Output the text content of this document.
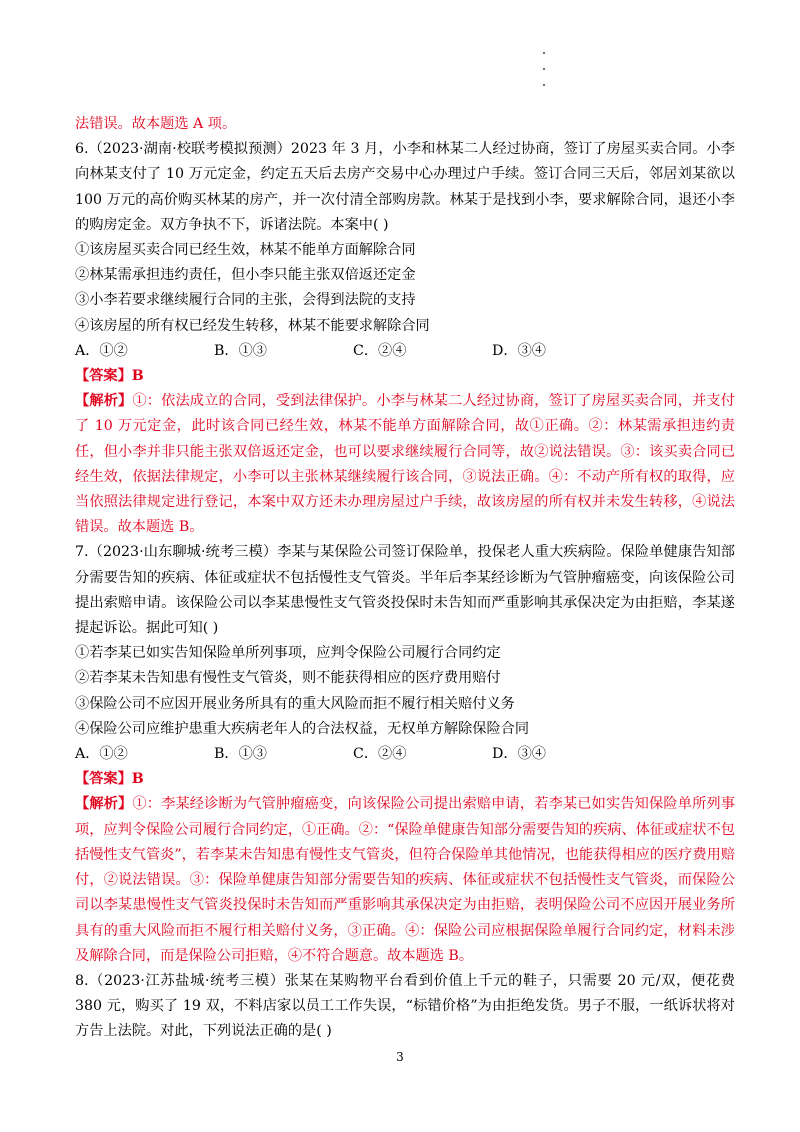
法错误。故本题选 A 项。

6.（2023·湖南·校联考模拟预测）2023 年 3 月，小李和林某二人经过协商，签订了房屋买卖合同。小李向林某支付了 10 万元定金，约定五天后去房产交易中心办理过户手续。签订合同三天后，邻居刘某欲以 100 万元的高价购买林某的房产，并一次付清全部购房款。林某于是找到小李，要求解除合同，退还小李的购房定金。双方争执不下，诉诸法院。本案中( )

①该房屋买卖合同已经生效，林某不能单方面解除合同

②林某需承担违约责任，但小李只能主张双倍返还定金

③小李若要求继续履行合同的主张，会得到法院的支持

④该房屋的所有权已经发生转移，林某不能要求解除合同

A．①②	B．①③	C．②④	D．③④

【答案】B

【解析】①：依法成立的合同，受到法律保护。小李与林某二人经过协商，签订了房屋买卖合同，并支付了 10 万元定金，此时该合同已经生效，林某不能单方面解除合同，故①正确。②：林某需承担违约责任，但小李并非只能主张双倍返还定金，也可以要求继续履行合同等，故②说法错误。③：该买卖合同已经生效，依据法律规定，小李可以主张林某继续履行该合同，③说法正确。④：不动产所有权的取得，应当依照法律规定进行登记，本案中双方还未办理房屋过户手续，故该房屋的所有权并未发生转移，④说法错误。故本题选 B。

7.（2023·山东聊城·统考三模）李某与某保险公司签订保险单，投保老人重大疾病险。保险单健康告知部分需要告知的疾病、体征或症状不包括慢性支气管炎。半年后李某经诊断为气管肿瘤癌变，向该保险公司提出索赔申请。该保险公司以李某患慢性支气管炎投保时未告知而严重影响其承保决定为由拒赔，李某遂提起诉讼。据此可知( )

①若李某已如实告知保险单所列事项，应判令保险公司履行合同约定

②若李某未告知患有慢性支气管炎，则不能获得相应的医疗费用赔付

③保险公司不应因开展业务所具有的重大风险而拒不履行相关赔付义务

④保险公司应维护患重大疾病老年人的合法权益，无权单方解除保险合同

A．①②	B．①③	C．②④	D．③④

【答案】B

【解析】①：李某经诊断为气管肿瘤癌变，向该保险公司提出索赔申请，若李某已如实告知保险单所列事项，应判令保险公司履行合同约定，①正确。②：“保险单健康告知部分需要告知的疾病、体征或症状不包括慢性支气管炎”，若李某未告知患有慢性支气管炎，但符合保险单其他情况，也能获得相应的医疗费用赔付，②说法错误。③：保险单健康告知部分需要告知的疾病、体征或症状不包括慢性支气管炎，而保险公司以李某患慢性支气管炎投保时未告知而严重影响其承保决定为由拒赔，表明保险公司不应因开展业务所具有的重大风险而拒不履行相关赔付义务，③正确。④：保险公司应根据保险单履行合同约定，材料未涉及解除合同，而是保险公司拒赔，④不符合题意。故本题选 B。

8.（2023·江苏盐城·统考三模）张某在某购物平台看到价值上千元的鞋子，只需要 20 元/双，便花费 380 元，购买了 19 双，不料店家以员工工作失误，“标错价格”为由拒绝发货。男子不服，一纸诉状将对方告上法院。对此，下列说法正确的是( )

3
